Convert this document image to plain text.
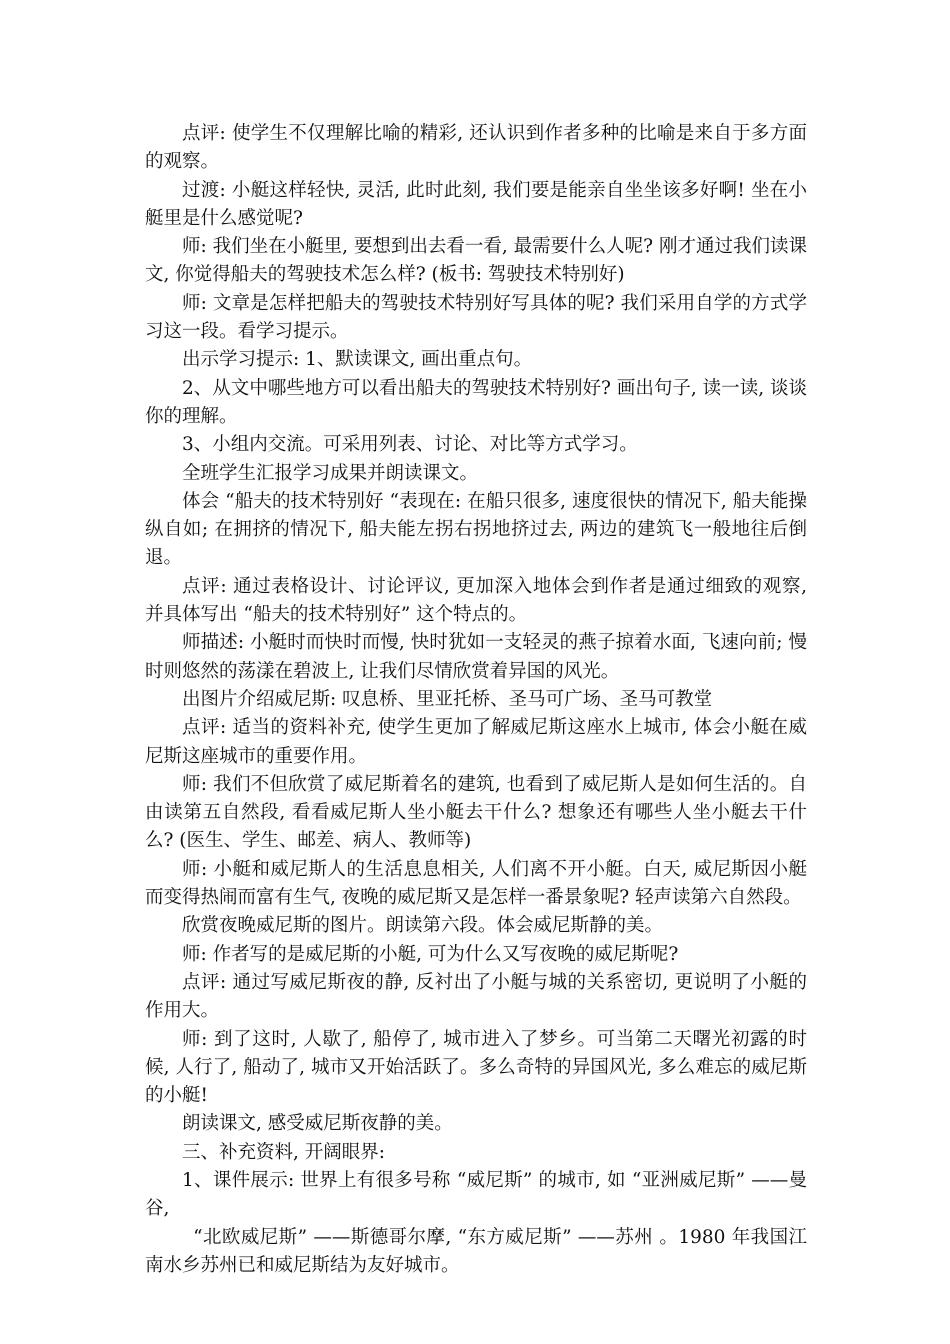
点评: 使学生不仅理解比喻的精彩, 还认识到作者多种的比喻是来自于多方面的观察。

过渡: 小艇这样轻快, 灵活, 此时此刻, 我们要是能亲自坐坐该多好啊! 坐在小艇里是什么感觉呢?

师: 我们坐在小艇里, 要想到出去看一看, 最需要什么人呢? 刚才通过我们读课文, 你觉得船夫的驾驶技术怎么样? (板书: 驾驶技术特别好)

师: 文章是怎样把船夫的驾驶技术特别好写具体的呢? 我们采用自学的方式学习这一段。看学习提示。

出示学习提示: 1、默读课文, 画出重点句。

2、从文中哪些地方可以看出船夫的驾驶技术特别好? 画出句子, 读一读, 谈谈你的理解。

3、小组内交流。可采用列表、讨论、对比等方式学习。

全班学生汇报学习成果并朗读课文。

体会 “船夫的技术特别好 “表现在: 在船只很多, 速度很快的情况下, 船夫能操纵自如; 在拥挤的情况下, 船夫能左拐右拐地挤过去, 两边的建筑飞一般地往后倒退。

点评: 通过表格设计、讨论评议, 更加深入地体会到作者是通过细致的观察, 并具体写出 “船夫的技术特别好” 这个特点的。

师描述: 小艇时而快时而慢, 快时犹如一支轻灵的燕子掠着水面, 飞速向前; 慢时则悠然的荡漾在碧波上, 让我们尽情欣赏着异国的风光。

出图片介绍威尼斯: 叹息桥、里亚托桥、圣马可广场、圣马可教堂

点评: 适当的资料补充, 使学生更加了解威尼斯这座水上城市, 体会小艇在威尼斯这座城市的重要作用。

师: 我们不但欣赏了威尼斯着名的建筑, 也看到了威尼斯人是如何生活的。自由读第五自然段, 看看威尼斯人坐小艇去干什么? 想象还有哪些人坐小艇去干什么? (医生、学生、邮差、病人、教师等)

师: 小艇和威尼斯人的生活息息相关, 人们离不开小艇。白天, 威尼斯因小艇而变得热闹而富有生气, 夜晚的威尼斯又是怎样一番景象呢? 轻声读第六自然段。

欣赏夜晚威尼斯的图片。朗读第六段。体会威尼斯静的美。

师: 作者写的是威尼斯的小艇, 可为什么又写夜晚的威尼斯呢?

点评: 通过写威尼斯夜的静, 反衬出了小艇与城的关系密切, 更说明了小艇的作用大。

师: 到了这时, 人歇了, 船停了, 城市进入了梦乡。可当第二天曙光初露的时候, 人行了, 船动了, 城市又开始活跃了。多么奇特的异国风光, 多么难忘的威尼斯的小艇!

朗读课文, 感受威尼斯夜静的美。

三、补充资料, 开阔眼界:

1、课件展示: 世界上有很多号称 “威尼斯” 的城市, 如 “亚洲威尼斯” ——曼谷,

“北欧威尼斯” ——斯德哥尔摩, “东方威尼斯” ——苏州 。1980 年我国江南水乡苏州已和威尼斯结为友好城市。
